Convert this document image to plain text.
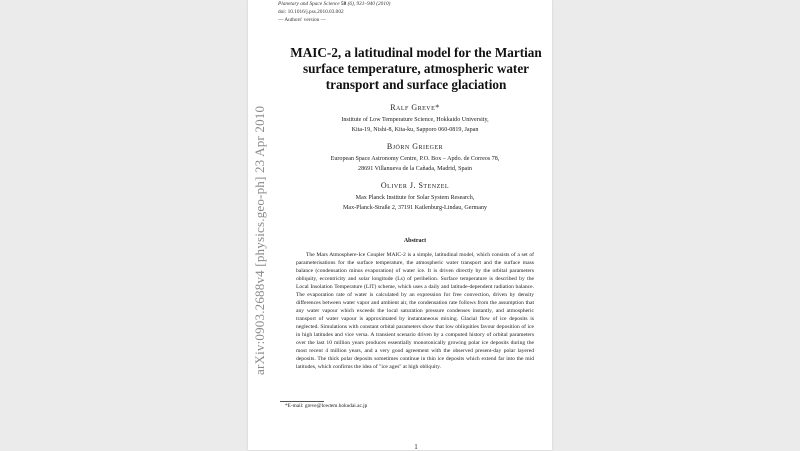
arXiv:0903.2688v4 [physics.geo-ph] 23 Apr 2010
Planetary and Space Science 58 (6), 931–940 (2010)
doi: 10.1016/j.pss.2010.03.002
— Authors' version —
MAIC-2, a latitudinal model for the Martian
surface temperature, atmospheric water
transport and surface glaciation
Ralf Greve*
Institute of Low Temperature Science, Hokkaido University,
Kita-19, Nishi-8, Kita-ku, Sapporo 060-0819, Japan
Björn Grieger
European Space Astronomy Centre, P.O. Box – Apdo. de Correos 78,
28691 Villanueva de la Cañada, Madrid, Spain
Oliver J. Stenzel
Max Planck Institute for Solar System Research,
Max-Planck-Straße 2, 37191 Katlenburg-Lindau, Germany
Abstract

The Mars Atmosphere-Ice Coupler MAIC-2 is a simple, latitudinal model, which consists of a set of parameterisations for the surface temperature, the atmospheric water transport and the surface mass balance (condensation minus evaporation) of water ice. It is driven directly by the orbital parameters obliquity, eccentricity and solar longitude (Ls) of perihelion. Surface temperature is described by the Local Insolation Temperature (LIT) scheme, which uses a daily and latitude-dependent radiation balance. The evaporation rate of water is calculated by an expression for free convection, driven by density differences between water vapor and ambient air, the condensation rate follows from the assumption that any water vapour which exceeds the local saturation pressure condenses instantly, and atmospheric transport of water vapour is approximated by instantaneous mixing. Glacial flow of ice deposits is neglected. Simulations with constant orbital parameters show that low obliquities favour deposition of ice in high latitudes and vice versa. A transient scenario driven by a computed history of orbital parameters over the last 10 million years produces essentially monotonically growing polar ice deposits during the most recent 4 million years, and a very good agreement with the observed present-day polar layered deposits. The thick polar deposits sometimes continue in thin ice deposits which extend far into the mid latitudes, which confirms the idea of "ice ages" at high obliquity.

*E-mail: greve@lowtem.hokudai.ac.jp
1
